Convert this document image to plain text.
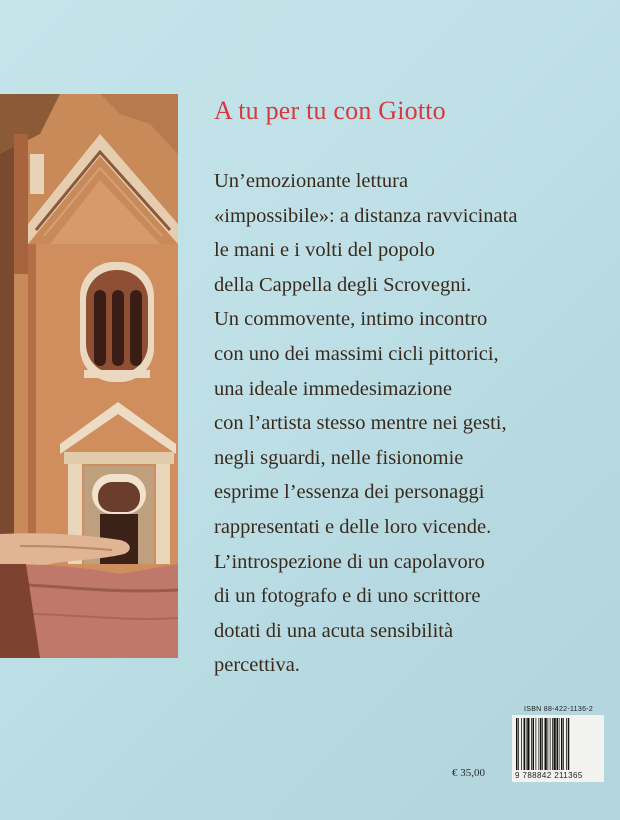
A tu per tu con Giotto
Un’emozionante lettura
«impossibile»: a distanza ravvicinata
le mani e i volti del popolo
della Cappella degli Scrovegni.
Un commovente, intimo incontro
con uno dei massimi cicli pittorici,
una ideale immedesimazione
con l’artista stesso mentre nei gesti,
negli sguardi, nelle fisionomie
esprime l’essenza dei personaggi
rappresentati e delle loro vicende.
L’introspezione di un capolavoro
di un fotografo e di uno scrittore
dotati di una acuta sensibilità
percettiva.
€ 35,00
ISBN 88-422-1136-2
9 788842 211365
